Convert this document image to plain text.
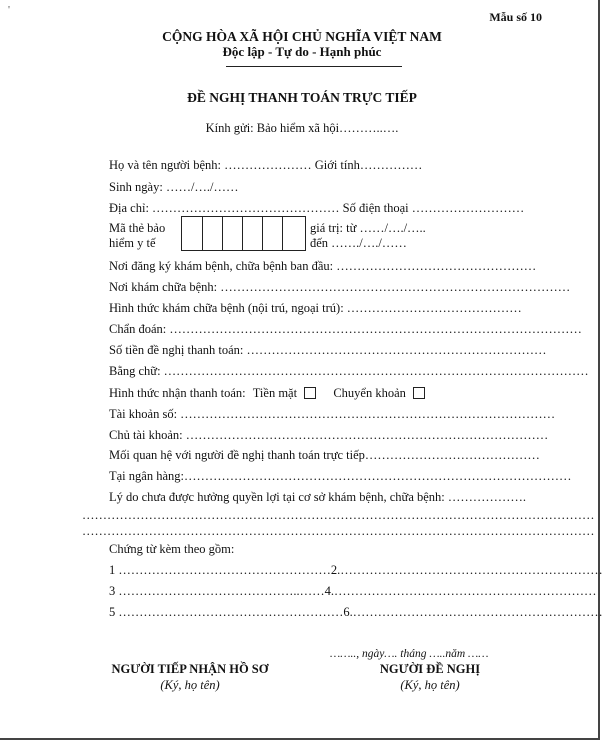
'	Mẫu số 10
CỘNG HÒA XÃ HỘI CHỦ NGHĨA VIỆT NAM
Độc lập - Tự do - Hạnh phúc
ĐỀ NGHỊ THANH TOÁN TRỰC TIẾP
Kính gửi: Bảo hiểm xã hội………..….
Họ và tên người bệnh: ………………… Giới tính……………
Sinh ngày: ……/…./……
Địa chỉ: ……………………………………… Số điện thoại ………………………
Mã thẻ bảo
hiểm y tế
giá trị: từ ……/…./…..
đến ……./…./……
Nơi đăng ký khám bệnh, chữa bệnh ban đầu: …………………………………………
Nơi khám chữa bệnh: …………………………………………………………………………
Hình thức khám chữa bệnh (nội trú, ngoại trú): ……………………………………
Chẩn đoán: ………………………………………………………………………………………
Số tiền đề nghị thanh toán: ………………………………………………………………
Bằng chữ: …………………………………………………………………………………………
Hình thức nhận thanh toán: Tiền mặt	Chuyển khoản
Tài khoản số: ………………………………………………………………………………
Chủ tài khoản: ……………………………………………………………………………
Mối quan hệ với người đề nghị thanh toán trực tiếp……………………………………
Tại ngân hàng:…………………………………………………………………………………
Lý do chưa được hưởng quyền lợi tại cơ sở khám bệnh, chữa bệnh: ……………….
……………………………………………………………………………………………………………
……………………………………………………………………………………………………………
Chứng từ kèm theo gồm:
1 ……………………………………………2.………………………………………………………
3 ……………………………………..……4.………………………………………………………
5 ………………………………………………6.……………………………………………………
…….., ngày…. tháng …..năm ……
NGƯỜI TIẾP NHẬN HỒ SƠ
(Ký, họ tên)
NGƯỜI ĐỀ NGHỊ
(Ký, họ tên)
